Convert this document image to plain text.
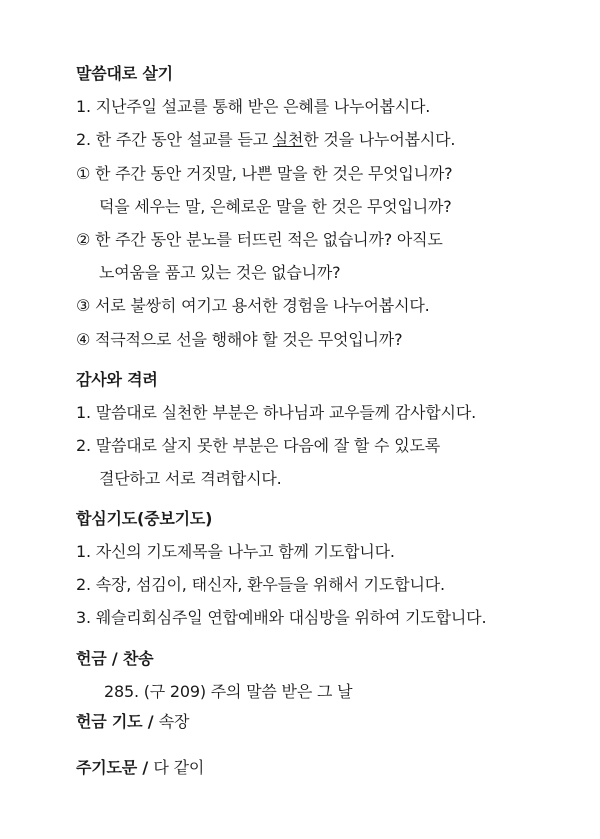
말씀대로 살기
1. 지난주일 설교를 통해 받은 은혜를 나누어봅시다.
2. 한 주간 동안 설교를 듣고 실천한 것을 나누어봅시다.
① 한 주간 동안 거짓말, 나쁜 말을 한 것은 무엇입니까?
덕을 세우는 말, 은혜로운 말을 한 것은 무엇입니까?
② 한 주간 동안 분노를 터뜨린 적은 없습니까? 아직도
노여움을 품고 있는 것은 없습니까?
③ 서로 불쌍히 여기고 용서한 경험을 나누어봅시다.
④ 적극적으로 선을 행해야 할 것은 무엇입니까?
감사와 격려
1. 말씀대로 실천한 부분은 하나님과 교우들께 감사합시다.
2. 말씀대로 살지 못한 부분은 다음에 잘 할 수 있도록
결단하고 서로 격려합시다.
합심기도(중보기도)
1. 자신의 기도제목을 나누고 함께 기도합니다.
2. 속장, 섬김이, 태신자, 환우들을 위해서 기도합니다.
3. 웨슬리회심주일 연합예배와 대심방을 위하여 기도합니다.
헌금 / 찬송
285. (구 209) 주의 말씀 받은 그 날
헌금 기도 / 속장
주기도문 / 다 같이
